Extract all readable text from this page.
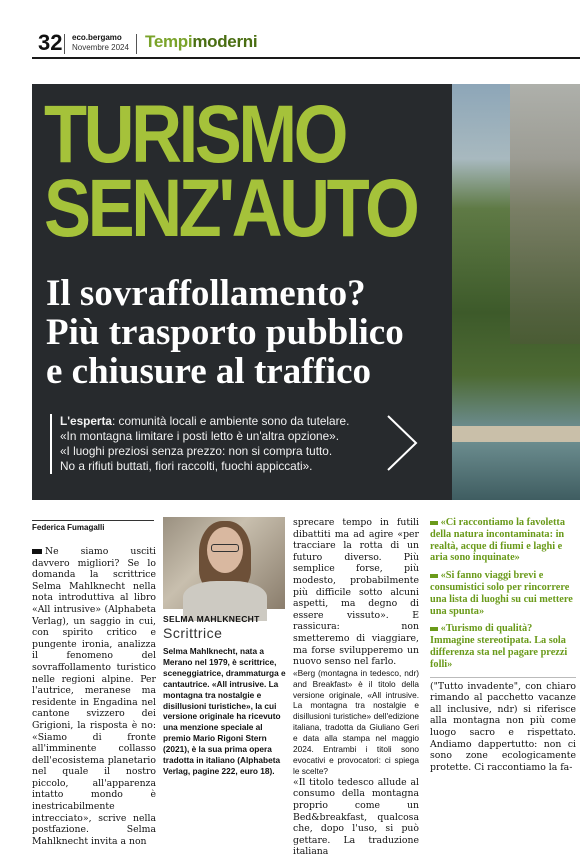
32 eco.bergamo
Novembre 2024 Tempimoderni
TURISMO
SENZ'AUTO
Il sovraffollamento?
Più trasporto pubblico
e chiusure al traffico
L'esperta: comunità locali e ambiente sono da tutelare.
«In montagna limitare i posti letto è un'altra opzione».
«I luoghi preziosi senza prezzo: non si compra tutto.
No a rifiuti buttati, fiori raccolti, fuochi appiccati».
Federica Fumagalli
Ne siamo usciti davvero migliori? Se lo domanda la scrittrice Selma Mahlknecht nella nota introduttiva al libro «All intrusive» (Alphabeta Verlag), un saggio in cui, con spirito critico e pungente ironia, analizza il fenomeno del sovraffollamento turistico nelle regioni alpine. Per l'autrice, meranese ma residente in Engadina nel cantone svizzero dei Grigioni, la risposta è no: «Siamo di fronte all'imminente collasso dell'ecosistema planetario nel quale il nostro piccolo, all'apparenza intatto mondo è inestricabilmente intrecciato», scrive nella postfazione. Selma Mahlknecht invita a non
SELMA MAHLKNECHT
Scrittrice
Selma Mahlknecht, nata a Merano nel 1979, è scrittrice, sceneggiatrice, drammaturga e cantautrice. «All intrusive. La montagna tra nostalgie e disillusioni turistiche», la cui versione originale ha ricevuto una menzione speciale al premio Mario Rigoni Stern (2021), è la sua prima opera tradotta in italiano (Alphabeta Verlag, pagine 222, euro 18).
sprecare tempo in futili dibattiti ma ad agire «per tracciare la rotta di un futuro diverso. Più semplice forse, più modesto, probabilmente più difficile sotto alcuni aspetti, ma degno di essere vissuto». E rassicura: non smetteremo di viaggiare, ma forse svilupperemo un nuovo senso nel farlo.
«Berg (montagna in tedesco, ndr) and Breakfast» è il titolo della versione originale, «All intrusive. La montagna tra nostalgie e disillusioni turistiche» dell'edizione italiana, tradotta da Giuliano Geri e data alla stampa nel maggio 2024. Entrambi i titoli sono evocativi e provocatori: ci spiega le scelte?
«Il titolo tedesco allude al consumo della montagna proprio come un Bed&breakfast, qualcosa che, dopo l'uso, si può gettare. La traduzione italiana
«Ci raccontiamo la favoletta della natura incontaminata: in realtà, acque di fiumi e laghi e aria sono inquinate»
«Si fanno viaggi brevi e consumistici solo per rincorrere una lista di luoghi su cui mettere una spunta»
«Turismo di qualità? Immagine stereotipata. La sola differenza sta nel pagare prezzi folli»
("Tutto invadente", con chiaro rimando al pacchetto vacanze all inclusive, ndr) si riferisce alla montagna non più come luogo sacro e rispettato. Andiamo dappertutto: non ci sono zone ecologicamente protette. Ci raccontiamo la fa-
